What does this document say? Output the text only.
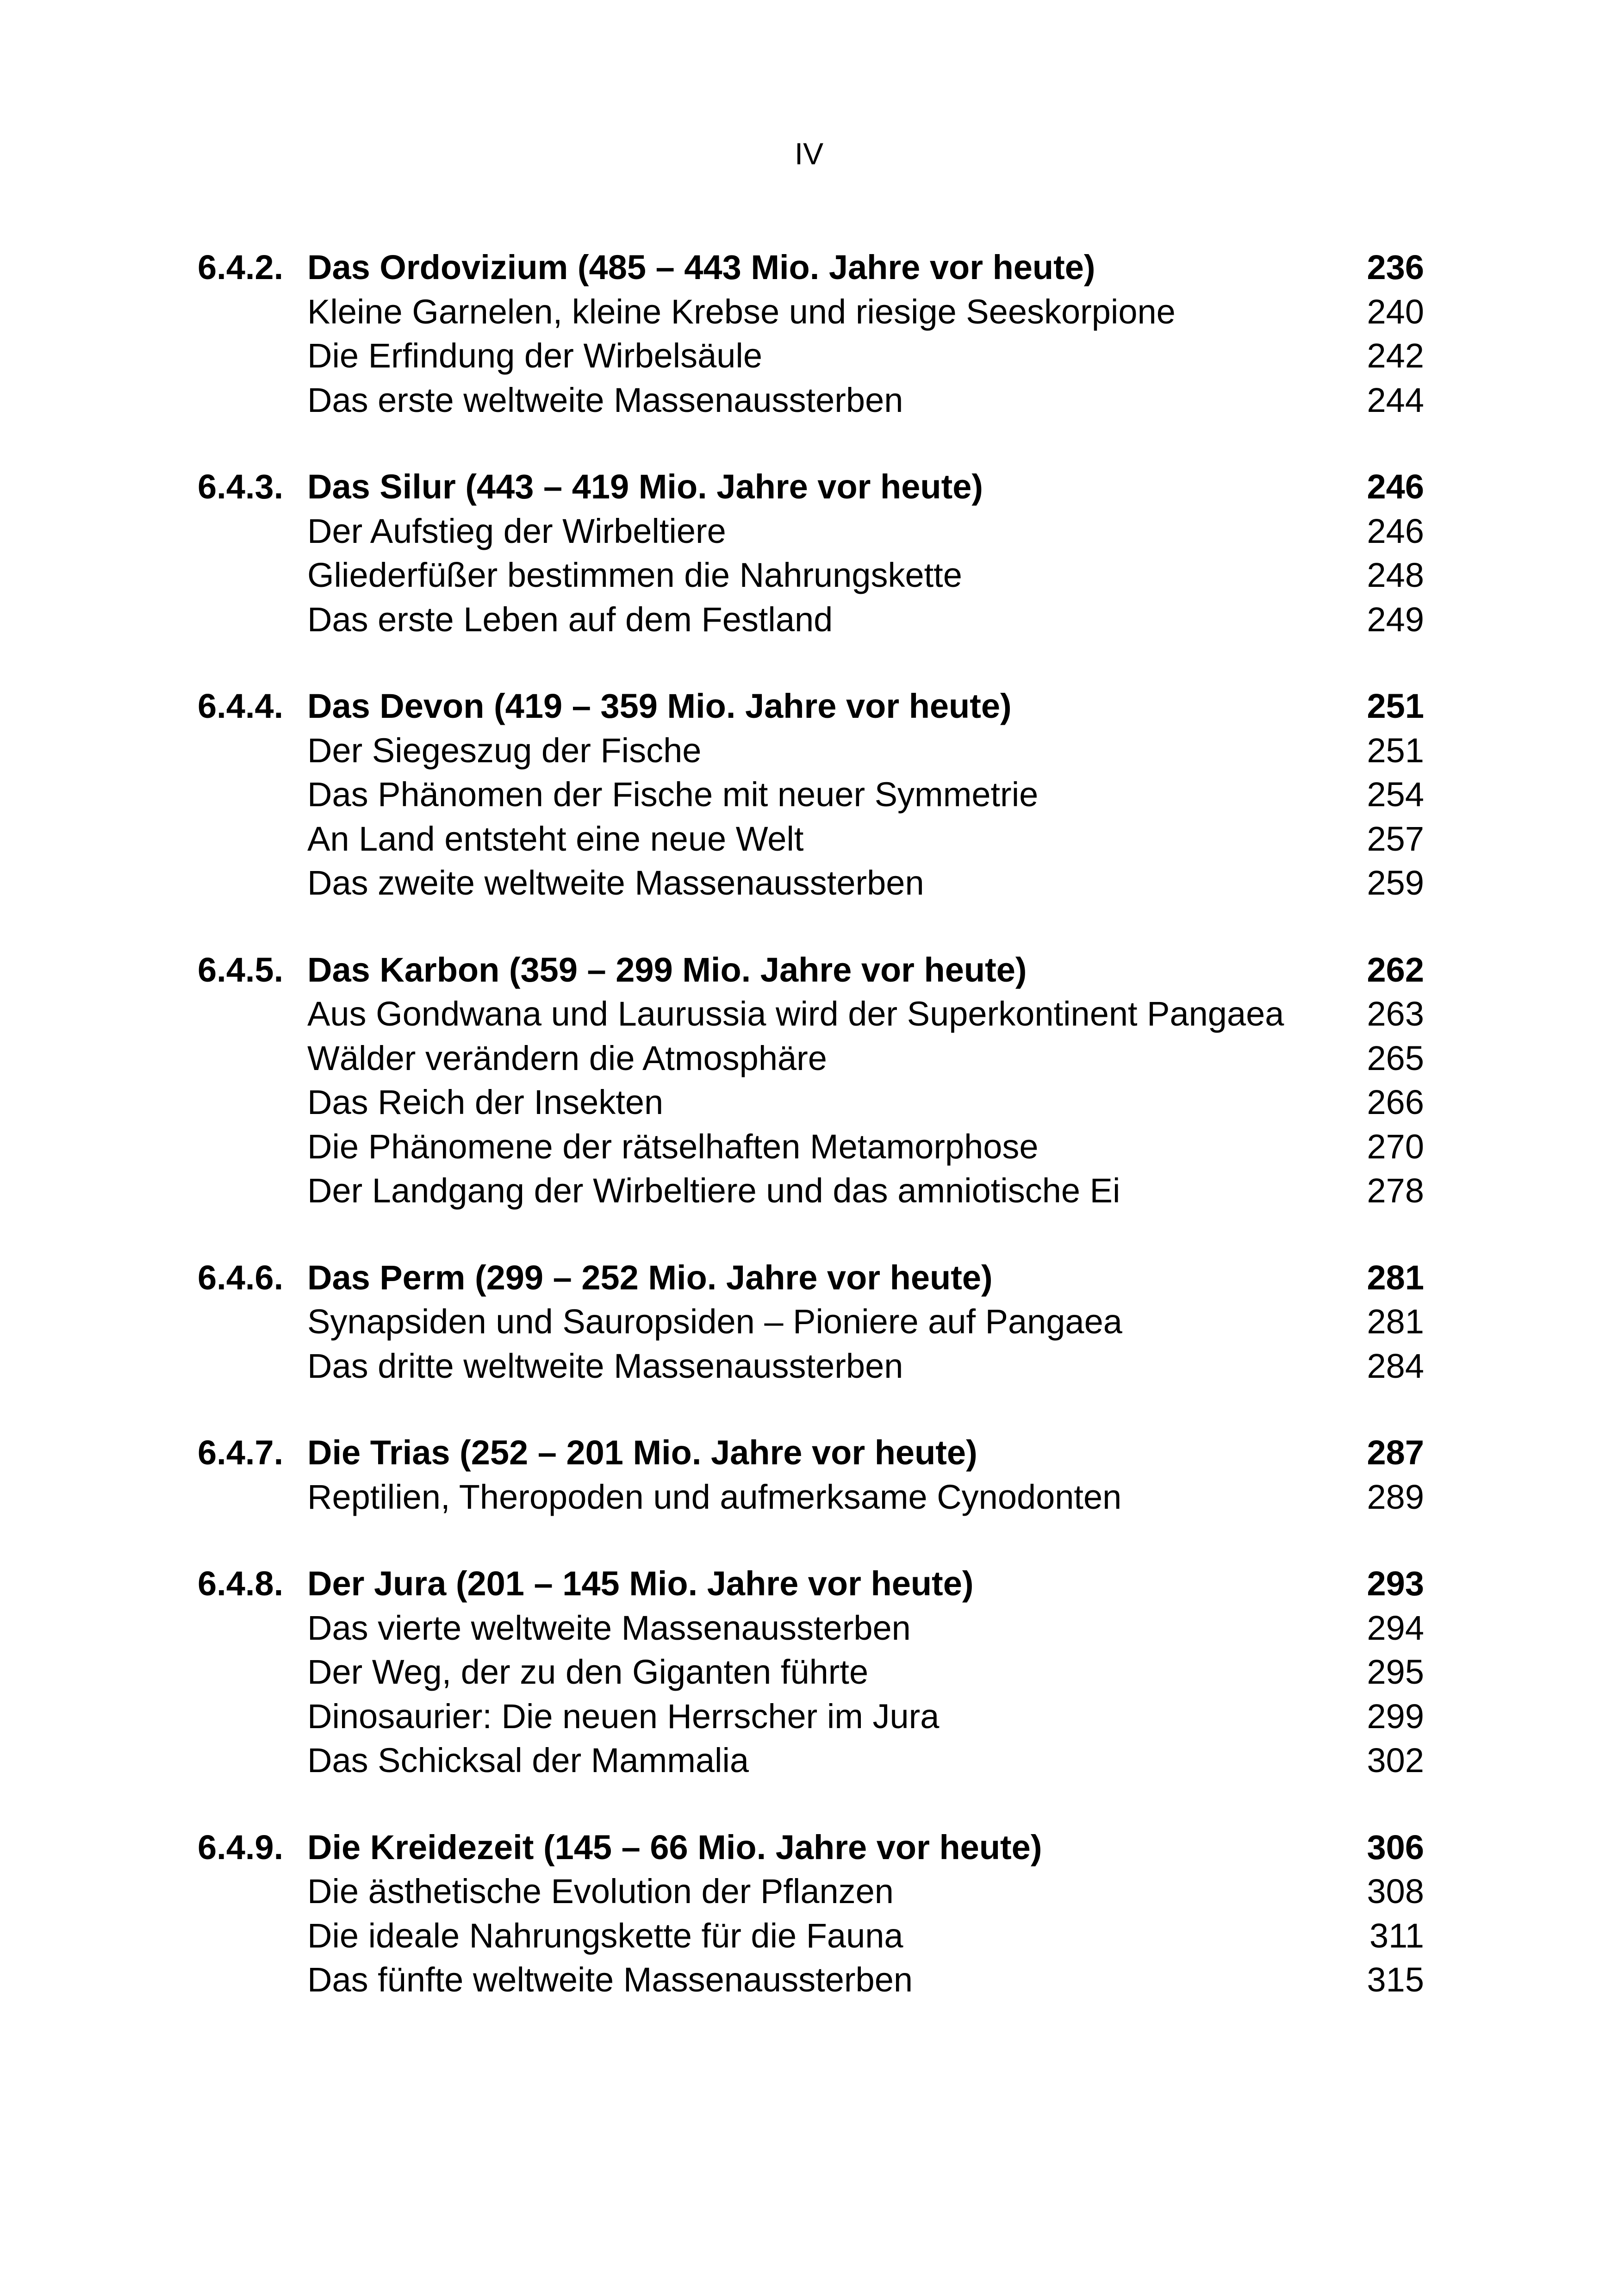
IV
6.4.2. Das Ordovizium (485 – 443 Mio. Jahre vor heute)	236
Kleine Garnelen, kleine Krebse und riesige Seeskorpione	240
Die Erfindung der Wirbelsäule	242
Das erste weltweite Massenaussterben	244
6.4.3. Das Silur (443 – 419 Mio. Jahre vor heute)	246
Der Aufstieg der Wirbeltiere	246
Gliederfüßer bestimmen die Nahrungskette	248
Das erste Leben auf dem Festland	249
6.4.4. Das Devon (419 – 359 Mio. Jahre vor heute)	251
Der Siegeszug der Fische	251
Das Phänomen der Fische mit neuer Symmetrie	254
An Land entsteht eine neue Welt	257
Das zweite weltweite Massenaussterben	259
6.4.5. Das Karbon (359 – 299 Mio. Jahre vor heute)	262
Aus Gondwana und Laurussia wird der Superkontinent Pangaea 263
Wälder verändern die Atmosphäre	265
Das Reich der Insekten	266
Die Phänomene der rätselhaften Metamorphose	270
Der Landgang der Wirbeltiere und das amniotische Ei	278
6.4.6. Das Perm (299 – 252 Mio. Jahre vor heute)	281
Synapsiden und Sauropsiden – Pioniere auf Pangaea	281
Das dritte weltweite Massenaussterben	284
6.4.7. Die Trias (252 – 201 Mio. Jahre vor heute)	287
Reptilien, Theropoden und aufmerksame Cynodonten	289
6.4.8. Der Jura (201 – 145 Mio. Jahre vor heute)	293
Das vierte weltweite Massenaussterben	294
Der Weg, der zu den Giganten führte	295
Dinosaurier: Die neuen Herrscher im Jura	299
Das Schicksal der Mammalia	302
6.4.9. Die Kreidezeit (145 – 66 Mio. Jahre vor heute)	306
Die ästhetische Evolution der Pflanzen	308
Die ideale Nahrungskette für die Fauna	311
Das fünfte weltweite Massenaussterben	315
